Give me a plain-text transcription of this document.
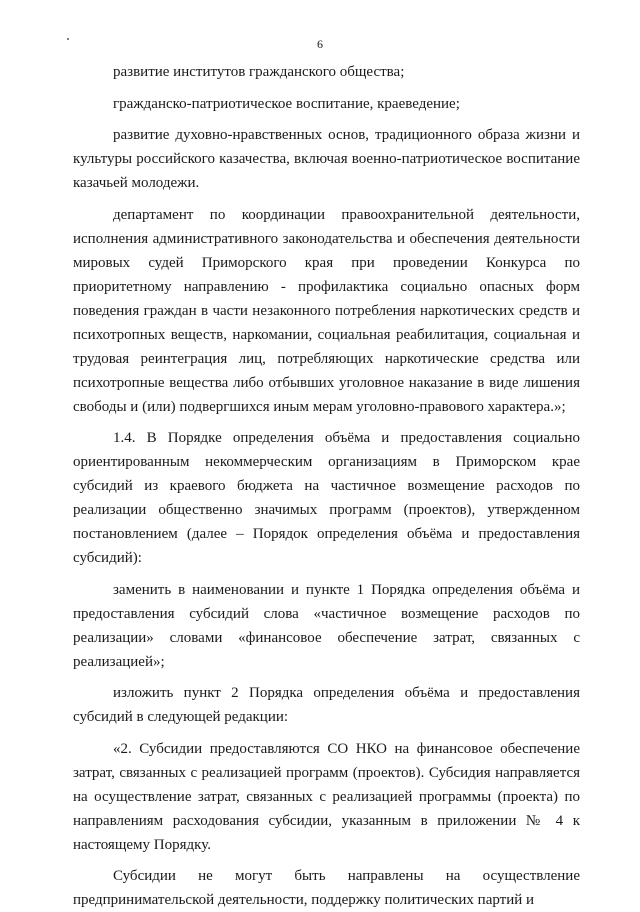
6

развитие институтов гражданского общества;

гражданско-патриотическое воспитание, краеведение;

развитие духовно-нравственных основ, традиционного образа жизни и культуры российского казачества, включая военно-патриотическое воспитание казачьей молодежи.

департамент по координации правоохранительной деятельности, исполнения административного законодательства и обеспечения деятельности мировых судей Приморского края при проведении Конкурса по приоритетному направлению - профилактика социально опасных форм поведения граждан в части незаконного потребления наркотических средств и психотропных веществ, наркомании, социальная реабилитация, социальная и трудовая реинтеграция лиц, потребляющих наркотические средства или психотропные вещества либо отбывших уголовное наказание в виде лишения свободы и (или) подвергшихся иным мерам уголовно-правового характера.»;

1.4. В Порядке определения объёма и предоставления социально ориентированным некоммерческим организациям в Приморском крае субсидий из краевого бюджета на частичное возмещение расходов по реализации общественно значимых программ (проектов), утвержденном постановлением (далее – Порядок определения объёма и предоставления субсидий):

заменить в наименовании и пункте 1 Порядка определения объёма и предоставления субсидий слова «частичное возмещение расходов по реализации» словами «финансовое обеспечение затрат, связанных с реализацией»;

изложить пункт 2 Порядка определения объёма и предоставления субсидий в следующей редакции:

«2. Субсидии предоставляются СО НКО на финансовое обеспечение затрат, связанных с реализацией программ (проектов). Субсидия направляется на осуществление затрат, связанных с реализацией программы (проекта) по направлениям расходования субсидии, указанным в приложении № 4 к настоящему Порядку.

Субсидии не могут быть направлены на осуществление предпринимательской деятельности, поддержку политических партий и
